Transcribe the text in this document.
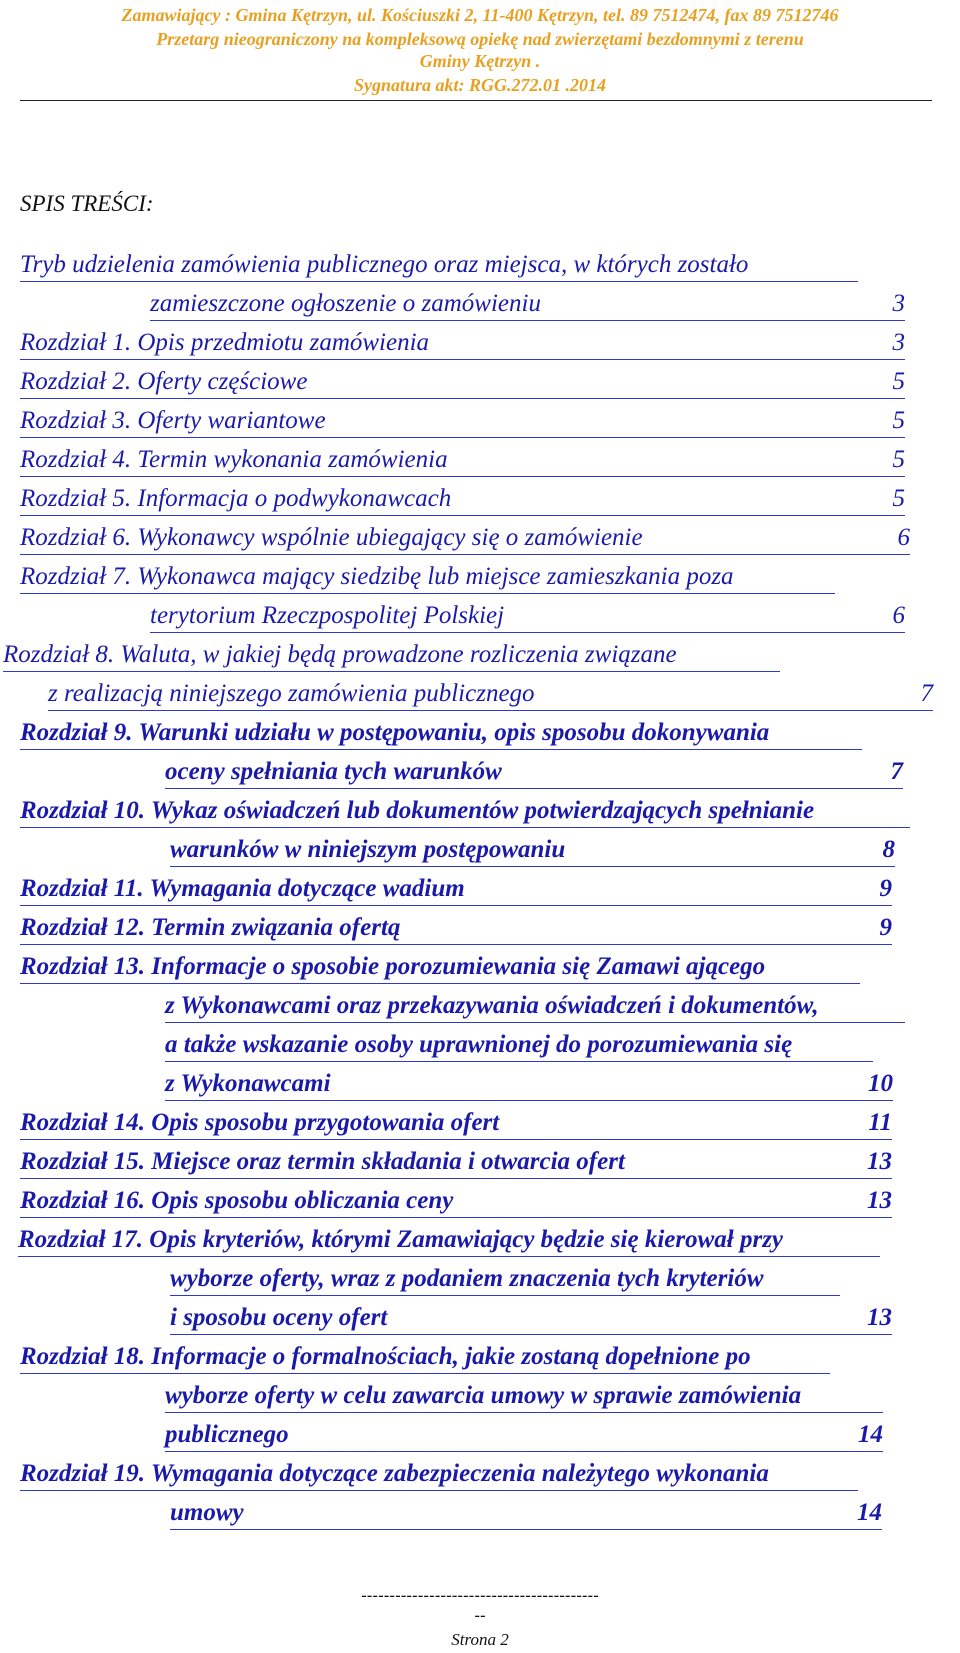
Zamawiający : Gmina Kętrzyn, ul. Kościuszki 2, 11-400 Kętrzyn, tel. 89 7512474, fax 89 7512746
Przetarg nieograniczony na kompleksową opiekę nad zwierzętami bezdomnymi z terenu
Gminy Kętrzyn .
Sygnatura akt: RGG.272.01 .2014
SPIS TREŚCI:
Tryb udzielenia zamówienia publicznego oraz miejsca, w których zostało
zamieszczone ogłoszenie o zamówieniu	3
Rozdział 1. Opis przedmiotu zamówienia	3
Rozdział 2. Oferty częściowe	5
Rozdział 3. Oferty wariantowe	5
Rozdział 4. Termin wykonania zamówienia	5
Rozdział 5. Informacja o podwykonawcach	5
Rozdział 6. Wykonawcy wspólnie ubiegający się o zamówienie	6
Rozdział 7. Wykonawca mający siedzibę lub miejsce zamieszkania poza
terytorium Rzeczpospolitej Polskiej	6
Rozdział 8. Waluta, w jakiej będą prowadzone rozliczenia związane
z realizacją niniejszego zamówienia publicznego	7
Rozdział 9. Warunki udziału w postępowaniu, opis sposobu dokonywania
oceny spełniania tych warunków	7
Rozdział 10. Wykaz oświadczeń lub dokumentów potwierdzających spełnianie
warunków w niniejszym postępowaniu	8
Rozdział 11. Wymagania dotyczące wadium	9
Rozdział 12. Termin związania ofertą	9
Rozdział 13. Informacje o sposobie porozumiewania się Zamawi ającego
z Wykonawcami oraz przekazywania oświadczeń i dokumentów,
a także wskazanie osoby uprawnionej do porozumiewania się
z Wykonawcami	10
Rozdział 14. Opis sposobu przygotowania ofert	11
Rozdział 15. Miejsce oraz termin składania i otwarcia ofert	13
Rozdział 16. Opis sposobu obliczania ceny	13
Rozdział 17. Opis kryteriów, którymi Zamawiający będzie się kierował przy
wyborze oferty, wraz z podaniem znaczenia tych kryteriów
i sposobu oceny ofert	13
Rozdział 18. Informacje o formalnościach, jakie zostaną dopełnione po
wyborze oferty w celu zawarcia umowy w sprawie zamówienia
publicznego	14
Rozdział 19. Wymagania dotyczące zabezpieczenia należytego wykonania
umowy	14
------------------------------------------
--
Strona 2
